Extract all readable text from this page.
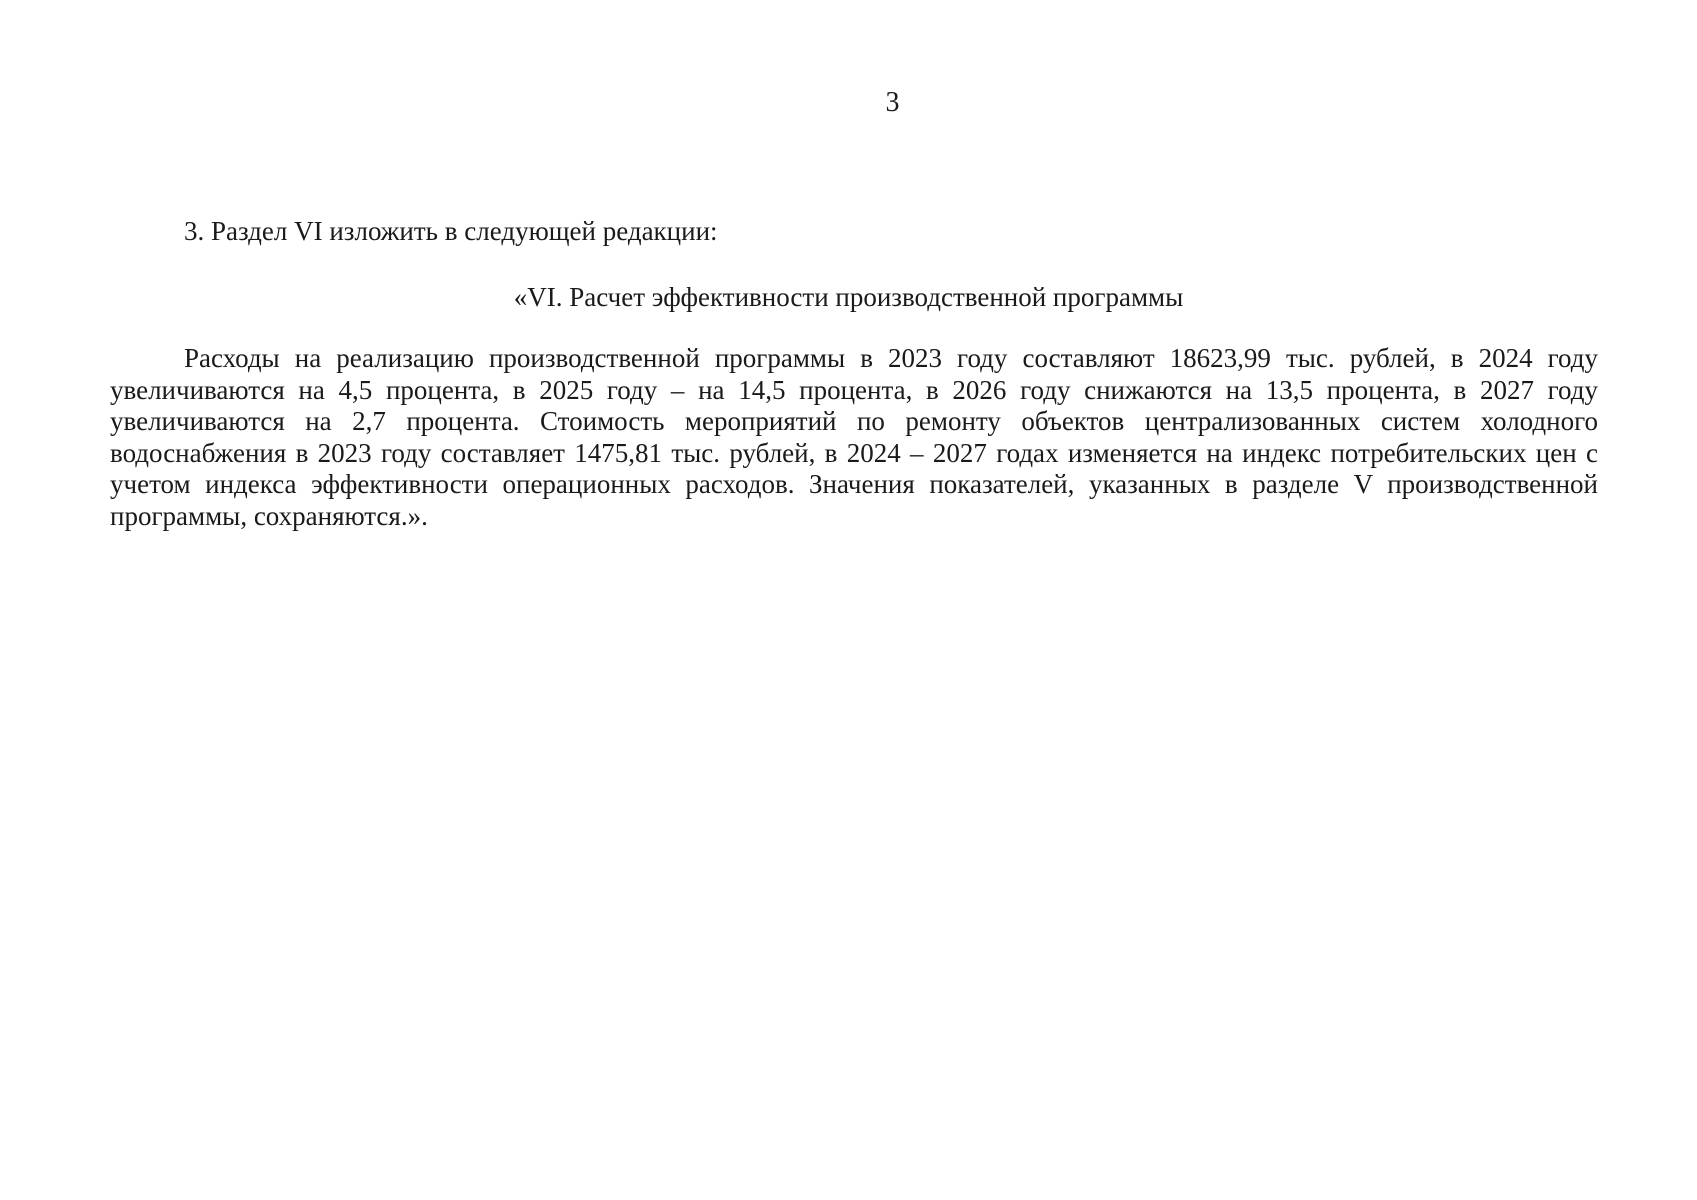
3
3. Раздел VI изложить в следующей редакции:
«VI. Расчет эффективности производственной программы

Расходы на реализацию производственной программы в 2023 году составляют 18623,99 тыс. рублей, в 2024 году увеличиваются на 4,5 процента, в 2025 году – на 14,5 процента, в 2026 году снижаются на 13,5 процента, в 2027 году увеличиваются на 2,7 процента. Стоимость мероприятий по ремонту объектов централизованных систем холодного водоснабжения в 2023 году составляет 1475,81 тыс. рублей, в 2024 – 2027 годах изменяется на индекс потребительских цен с учетом индекса эффективности операционных расходов. Значения показателей, указанных в разделе V производственной программы, сохраняются.».
